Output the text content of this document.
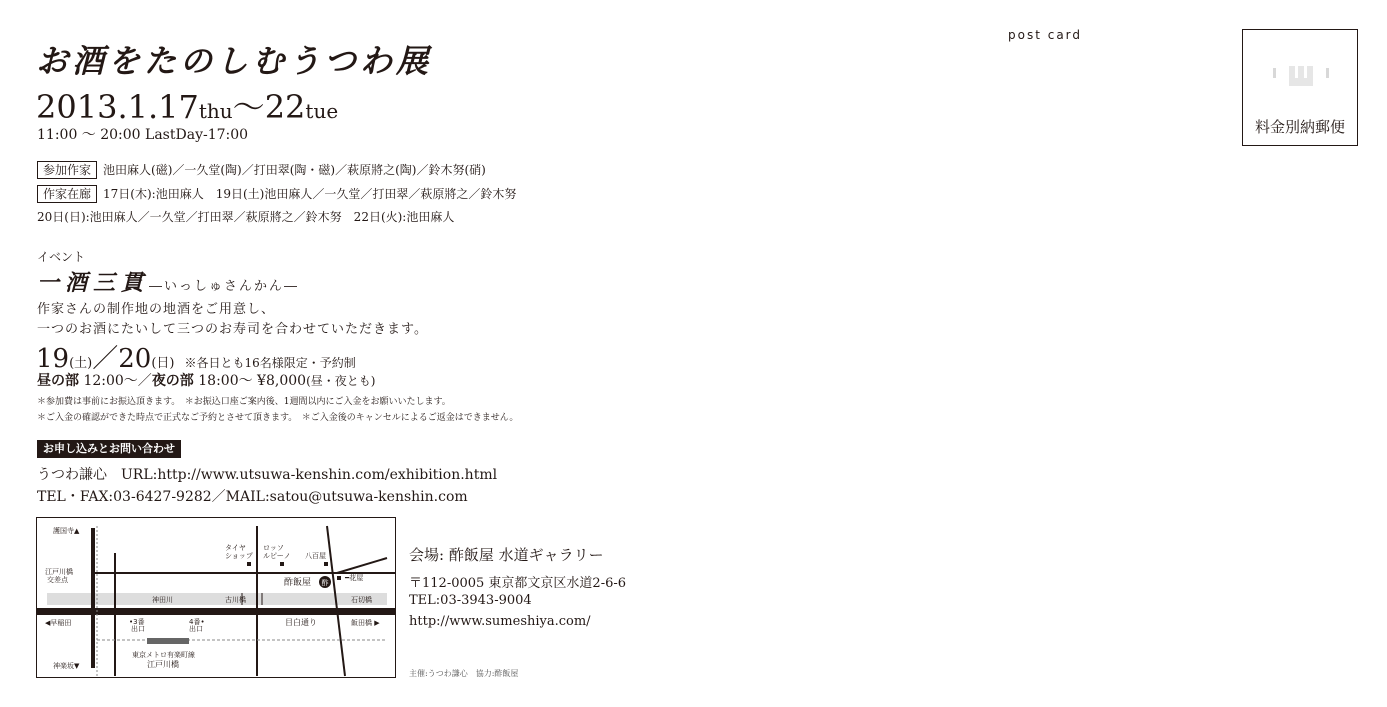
post card
料金別納郵便
お酒をたのしむうつわ展
2013.1.17thu〜22tue
11:00 〜 20:00 LastDay-17:00
参加作家 池田麻人(磁)／一久堂(陶)／打田翠(陶・磁)／萩原將之(陶)／鈴木努(硝)
作家在廊 17日(木):池田麻人　19日(土)池田麻人／一久堂／打田翠／萩原將之／鈴木努
20日(日):池田麻人／一久堂／打田翠／萩原將之／鈴木努　22日(火):池田麻人
イベント
一酒三貫―いっしゅさんかん―
作家さんの制作地の地酒をご用意し、
一つのお酒にたいして三つのお寿司を合わせていただきます。
19(土)／20(日) ※各日とも16名様限定・予約制
昼の部 12:00〜／夜の部 18:00〜 ¥8,000(昼・夜とも)
＊参加費は事前にお振込頂きます。　＊お振込口座ご案内後、1週間以内にご入金をお願いいたします。
＊ご入金の確認ができた時点で正式なご予約とさせて頂きます。　＊ご入金後のキャンセルによるご返金はできません。
お申し込みとお問い合わせ
うつわ謙心　URL:http://www.utsuwa-kenshin.com/exhibition.html
TEL・FAX:03-6427-9282／MAIL:satou@utsuwa-kenshin.com
酢
護国寺▲
江戸川橋
交差点
◀早稲田
神楽坂▼
神田川	古川橋	石切橋
目白通り	飯田橋 ▶
•3番
出口
4番•
出口
東京メトロ有楽町線
江戸川橋
タイヤ
ショップ
ロッソ
ルピーノ 八百屋
酢飯屋	━花屋
会場: 酢飯屋 水道ギャラリー
〒112-0005 東京都文京区水道2-6-6
TEL:03-3943-9004
http://www.sumeshiya.com/
主催:うつわ謙心　協力:酢飯屋
